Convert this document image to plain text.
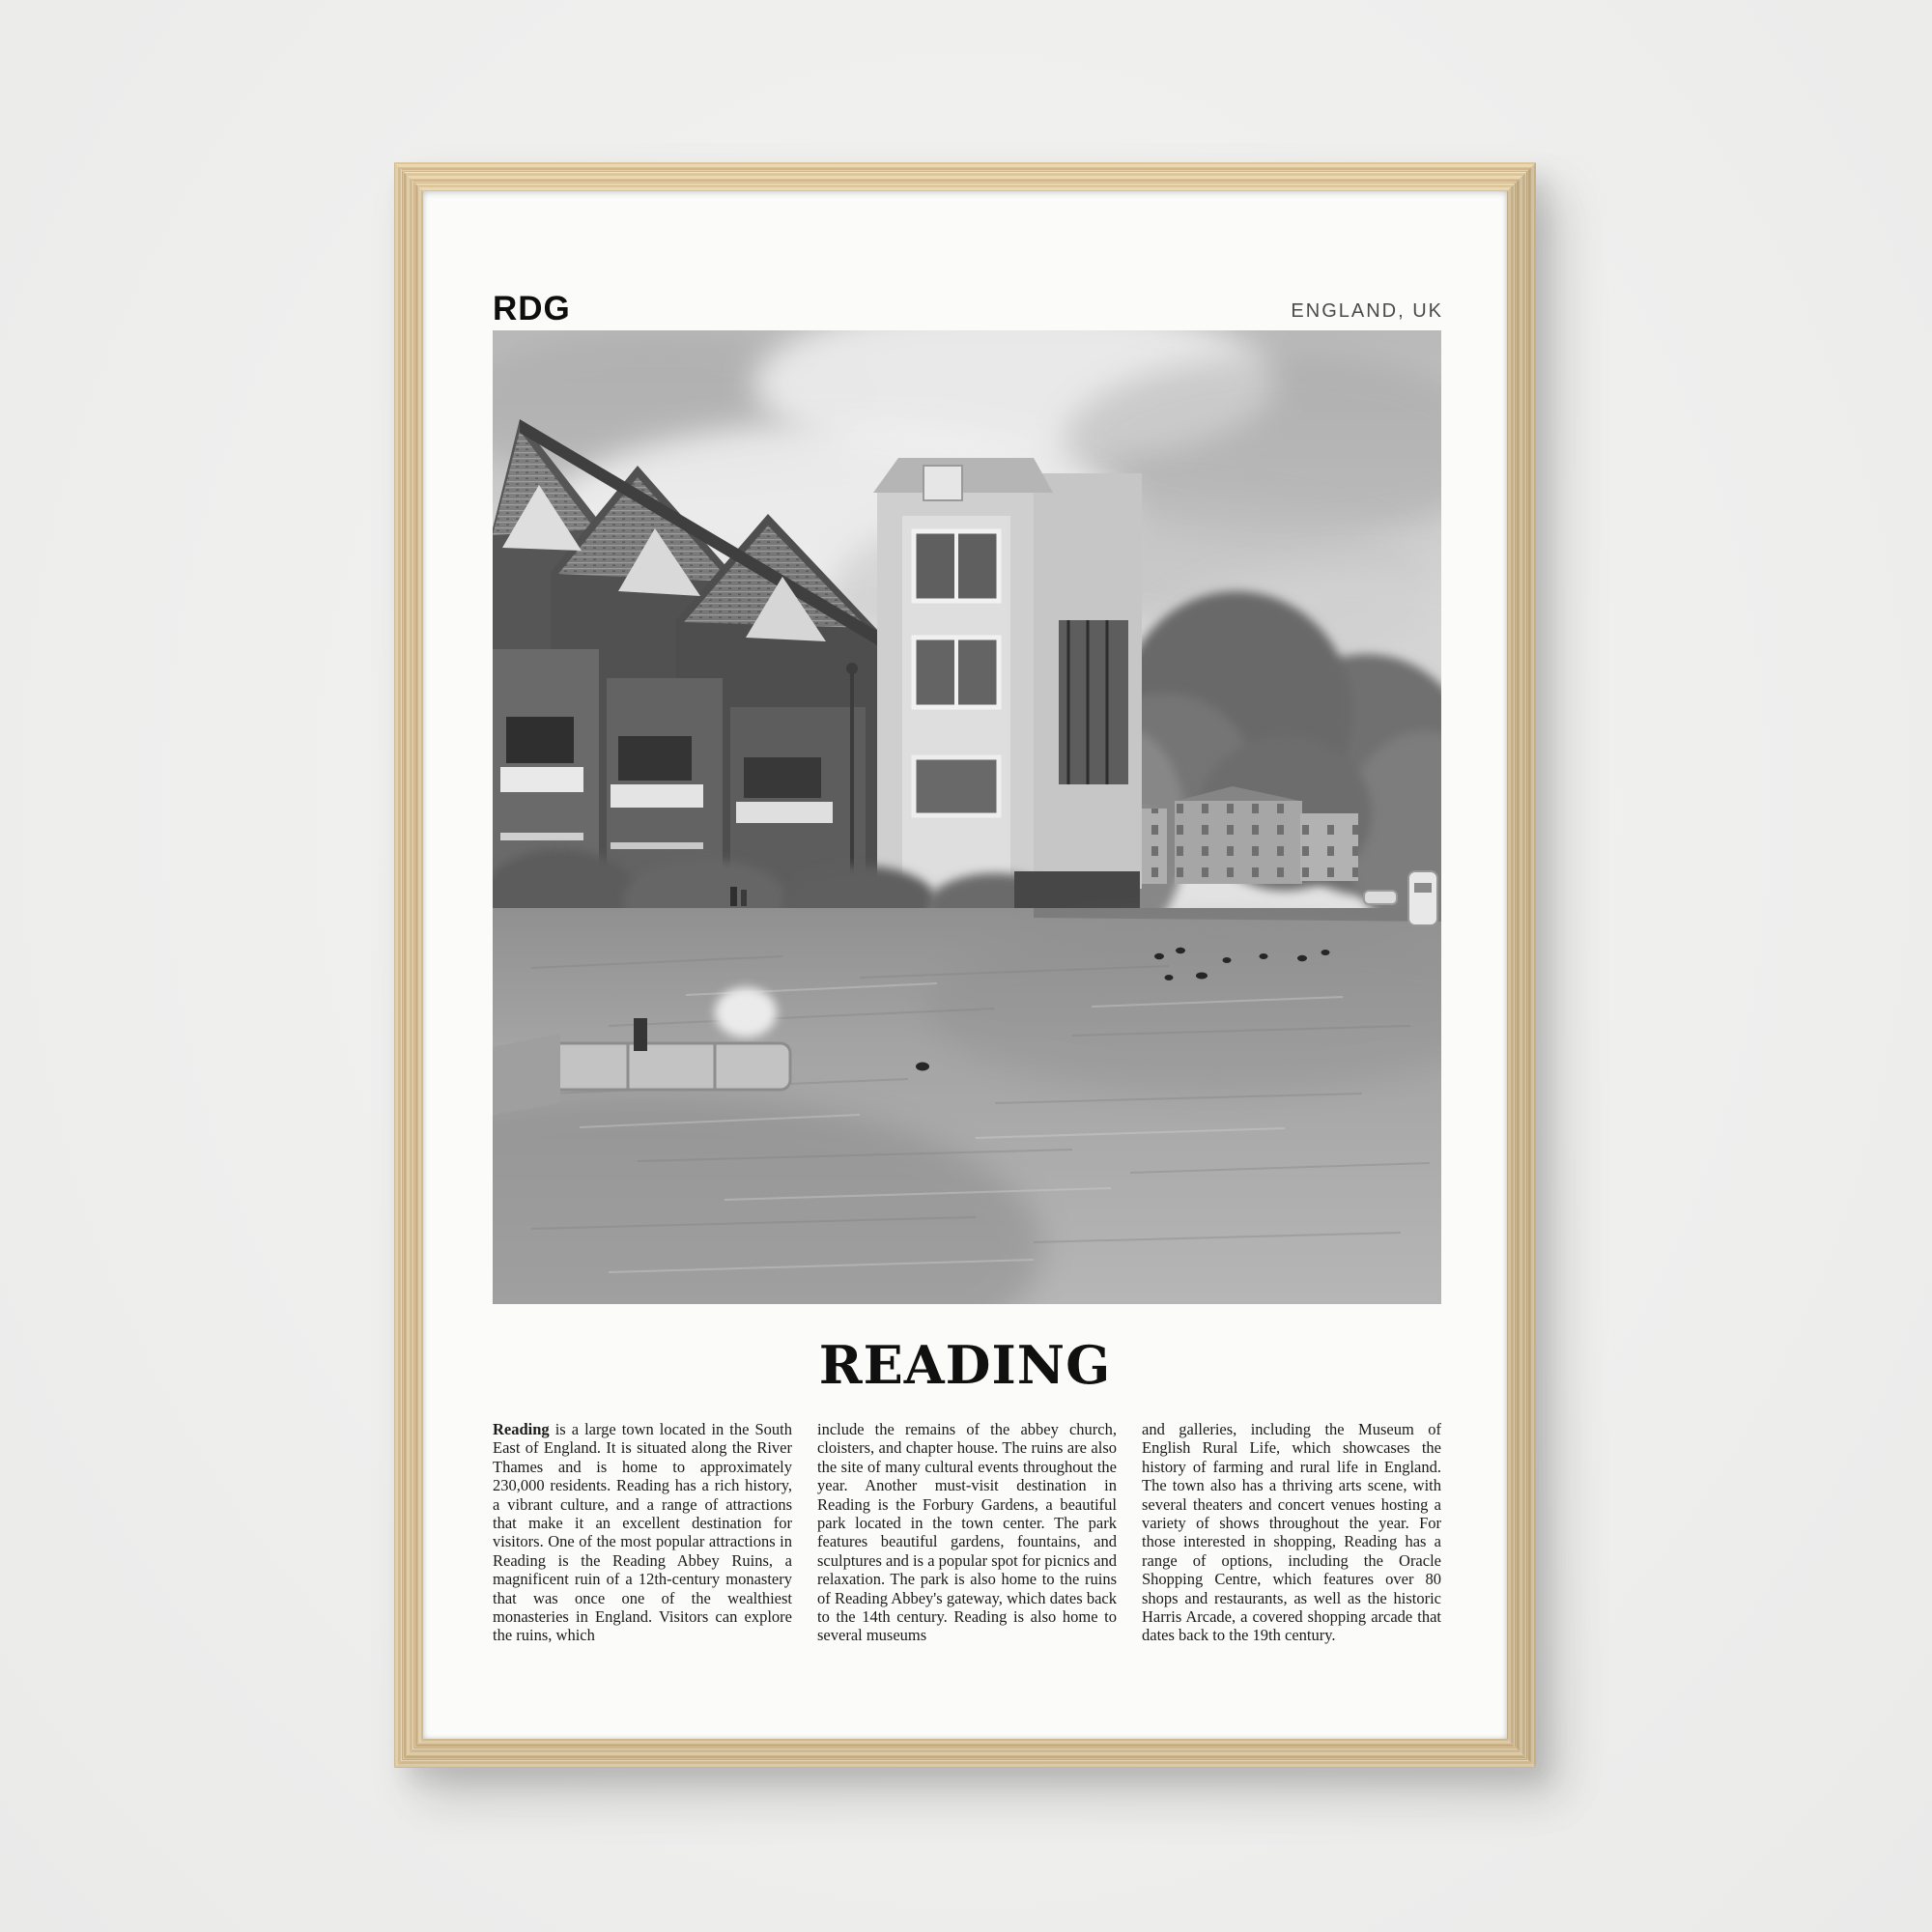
RDG	ENGLAND, UK
READING
Reading is a large town located in the South East of England. It is situated along the River Thames and is home to approximately 230,000 residents. Reading has a rich history, a vibrant culture, and a range of attractions that make it an excellent destination for visitors. One of the most popular attractions in Reading is the Reading Abbey Ruins, a magnificent ruin of a 12th-century monastery that was once one of the wealthiest monasteries in England. Visitors can explore the ruins, which
include the remains of the abbey church, cloisters, and chapter house. The ruins are also the site of many cultural events throughout the year. Another must-visit destination in Reading is the Forbury Gardens, a beautiful park located in the town center. The park features beautiful gardens, fountains, and sculptures and is a popular spot for picnics and relaxation. The park is also home to the ruins of Reading Abbey's gateway, which dates back to the 14th century. Reading is also home to several museums
and galleries, including the Museum of English Rural Life, which showcases the history of farming and rural life in England. The town also has a thriving arts scene, with several theaters and concert venues hosting a variety of shows throughout the year. For those interested in shopping, Reading has a range of options, including the Oracle Shopping Centre, which features over 80 shops and restaurants, as well as the historic Harris Arcade, a covered shopping arcade that dates back to the 19th century.
